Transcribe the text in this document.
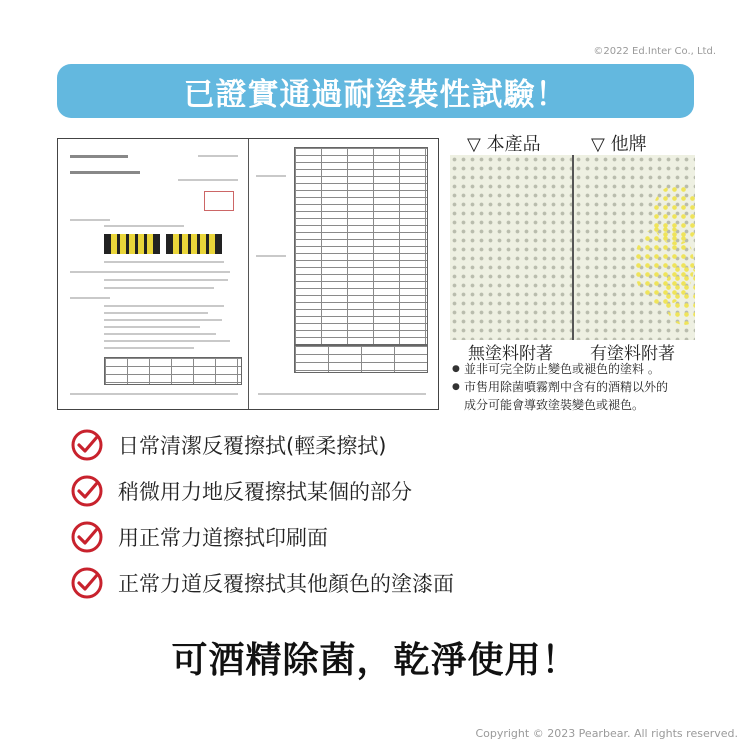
©2022 Ed.Inter Co., Ltd.
已證實通過耐塗裝性試驗！
▽ 本產品	▽ 他牌
無塗料附著 有塗料附著
● 並非可完全防止變色或褪色的塗料 。
● 市售用除菌噴霧劑中含有的酒精以外的
成分可能會導致塗裝變色或褪色。
日常清潔反覆擦拭(輕柔擦拭)
稍微用力地反覆擦拭某個的部分
用正常力道擦拭印刷面
正常力道反覆擦拭其他顏色的塗漆面
可酒精除菌，乾淨使用！
Copyright © 2023 Pearbear. All rights reserved.
